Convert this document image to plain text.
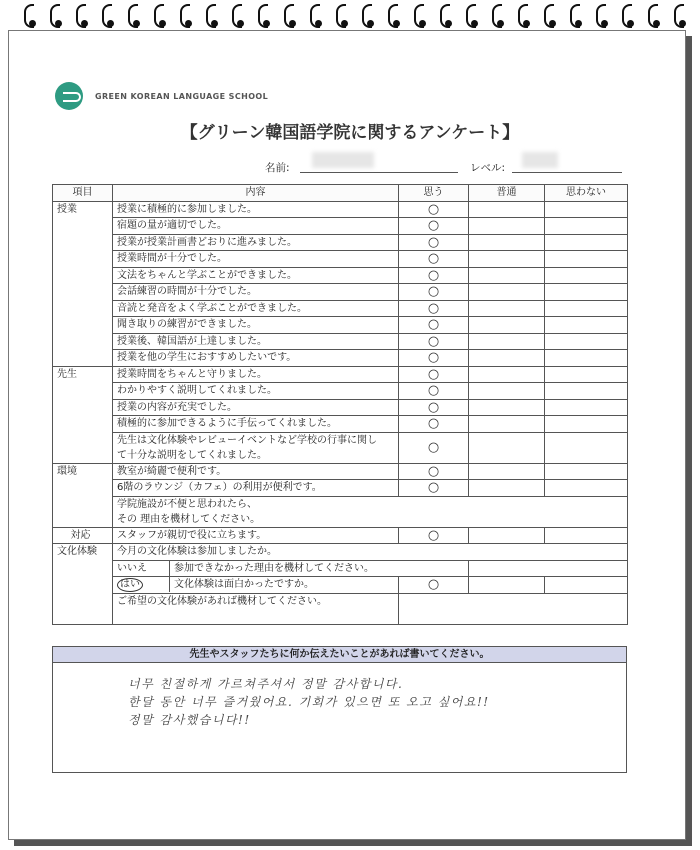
GREEN KOREAN LANGUAGE SCHOOL
【グリーン韓国語学院に関するアンケート】
名前:	レベル:
項目	内容	思う	普通	思わない
授業	授業に積極的に参加しました。	○		
	宿題の量が適切でした。	○		
	授業が授業計画書どおりに進みました。	○		
	授業時間が十分でした。	○		
	文法をちゃんと学ぶことができました。	○		
	会話練習の時間が十分でした。	○		
	音読と発音をよく学ぶことができました。	○		
	聞き取りの練習ができました。	○		
	授業後、韓国語が上達しました。	○		
	授業を他の学生におすすめしたいです。	○		
先生	授業時間をちゃんと守りました。	○		
	わかりやすく説明してくれました。	○		
	授業の内容が充実でした。	○		
	積極的に参加できるように手伝ってくれました。	○		

	先生は文化体験やレビューイベントなど学校の行事に関し
て十分な説明をしてくれました。	○		
環境	教室が綺麗で便利です。	○		
	6階のラウンジ（カフェ）の利用が便利です。	○		

	学院施設が不便と思われたら、
その 理由を機材してください。			

対応	スタッフが親切で役に立ちます。	○		
文化体験	今月の文化体験は参加しましたか。			

	いいえ 参加できなかった理由を機材してください。			

	はい 文化体験は面白かったですか。	○		
	ご希望の文化体験があれば機材してください。			
先生やスタッフたちに何か伝えたいことがあれば書いてください。
너무 친절하게 가르쳐주셔서 정말 감사합니다.
한달 동안 너무 즐거웠어요. 기회가 있으면 또 오고 싶어요!!
정말 감사했습니다!!
